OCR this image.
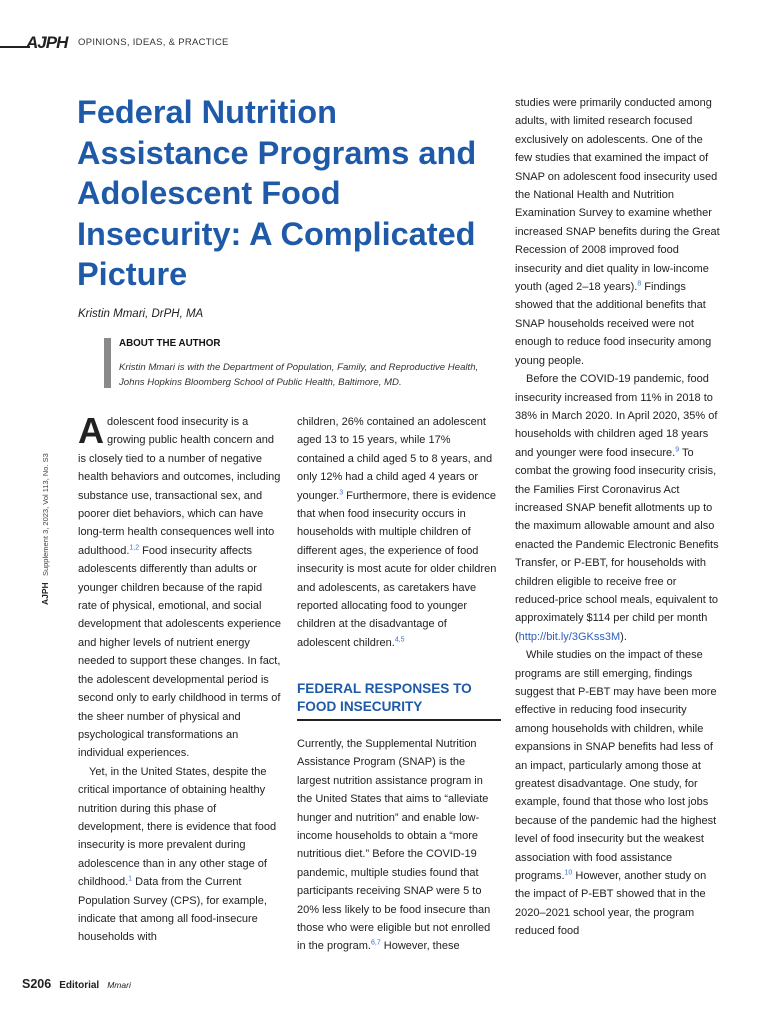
AJPH OPINIONS, IDEAS, & PRACTICE
Federal Nutrition Assistance Programs and Adolescent Food Insecurity: A Complicated Picture
Kristin Mmari, DrPH, MA
ABOUT THE AUTHOR
Kristin Mmari is with the Department of Population, Family, and Reproductive Health, Johns Hopkins Bloomberg School of Public Health, Baltimore, MD.
AJPH   Supplement 3, 2023, Vol 113, No. S3

Adolescent food insecurity is a growing public health concern and is closely tied to a number of negative health behaviors and outcomes, including substance use, transactional sex, and poorer diet behaviors, which can have long-term health consequences well into adulthood.$^{1,2}$ Food insecurity affects adolescents differently than adults or younger children because of the rapid rate of physical, emotional, and social development that adolescents experience and higher levels of nutrient energy needed to support these changes. In fact, the adolescent developmental period is second only to early childhood in terms of the sheer number of physical and psychological transformations an individual experiences.

Yet, in the United States, despite the critical importance of obtaining healthy nutrition during this phase of development, there is evidence that food insecurity is more prevalent during adolescence than in any other stage of childhood.$^1$ Data from the Current Population Survey (CPS), for example, indicate that among all food-insecure households with

children, 26% contained an adolescent aged 13 to 15 years, while 17% contained a child aged 5 to 8 years, and only 12% had a child aged 4 years or younger.$^3$ Furthermore, there is evidence that when food insecurity occurs in households with multiple children of different ages, the experience of food insecurity is most acute for older children and adolescents, as caretakers have reported allocating food to younger children at the disadvantage of adolescent children.$^{4,5}$

FEDERAL RESPONSES TO FOOD INSECURITY

Currently, the Supplemental Nutrition Assistance Program (SNAP) is the largest nutrition assistance program in the United States that aims to “alleviate hunger and nutrition” and enable low-income households to obtain a “more nutritious diet.” Before the COVID-19 pandemic, multiple studies found that participants receiving SNAP were 5 to 20% less likely to be food insecure than those who were eligible but not enrolled in the program.$^{6,7}$ However, these

studies were primarily conducted among adults, with limited research focused exclusively on adolescents. One of the few studies that examined the impact of SNAP on adolescent food insecurity used the National Health and Nutrition Examination Survey to examine whether increased SNAP benefits during the Great Recession of 2008 improved food insecurity and diet quality in low-income youth (aged 2–18 years).$^8$ Findings showed that the additional benefits that SNAP households received were not enough to reduce food insecurity among young people.

Before the COVID-19 pandemic, food insecurity increased from 11% in 2018 to 38% in March 2020. In April 2020, 35% of households with children aged 18 years and younger were food insecure.$^9$ To combat the growing food insecurity crisis, the Families First Coronavirus Act increased SNAP benefit allotments up to the maximum allowable amount and also enacted the Pandemic Electronic Benefits Transfer, or P-EBT, for households with children eligible to receive free or reduced-price school meals, equivalent to approximately $114 per child per month (http://bit.ly/3GKss3M).

While studies on the impact of these programs are still emerging, findings suggest that P-EBT may have been more effective in reducing food insecurity among households with children, while expansions in SNAP benefits had less of an impact, particularly among those at greatest disadvantage. One study, for example, found that those who lost jobs because of the pandemic had the highest level of food insecurity but the weakest association with food assistance programs.$^{10}$ However, another study on the impact of P-EBT showed that in the 2020–2021 school year, the program reduced food

S206 Editorial Mmari
